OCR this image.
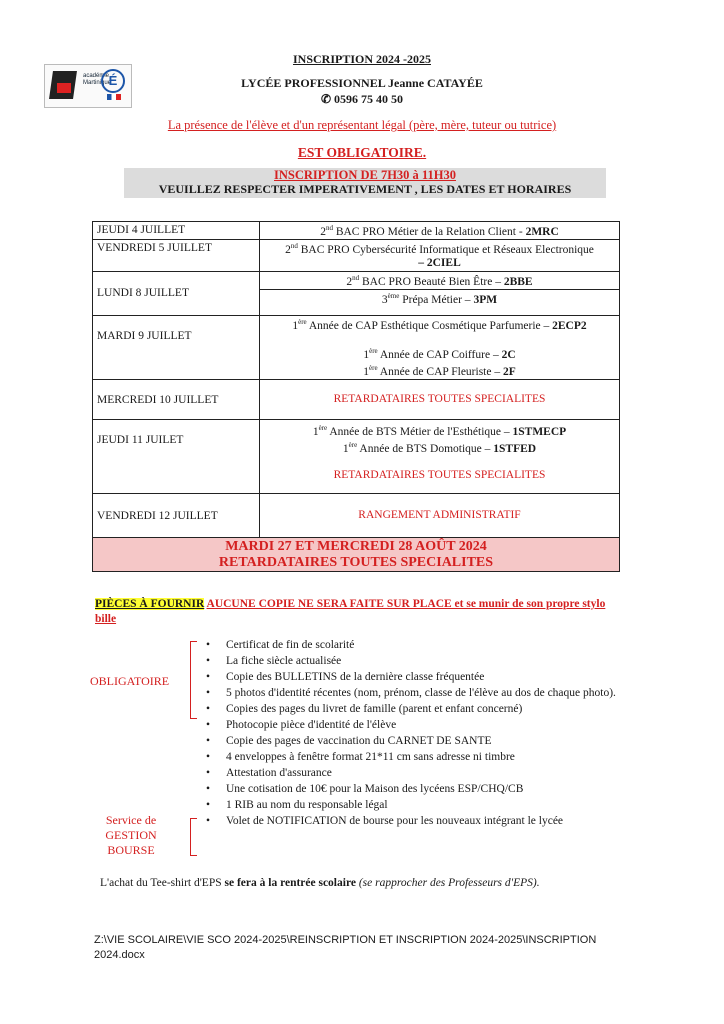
académie Martinique
É
INSCRIPTION 2024 -2025
LYCÉE PROFESSIONNEL Jeanne CATAYÉE
✆ 0596 75 40 50
La présence de l'élève et d'un représentant légal (père, mère, tuteur ou tutrice)
EST OBLIGATOIRE.
INSCRIPTION DE 7H30 à 11H30
VEUILLEZ RESPECTER IMPERATIVEMENT , LES DATES ET HORAIRES
JEUDI 4 JUILLET	2nd BAC PRO Métier de la Relation Client - 2MRC
VENDREDI 5 JUILLET	2nd BAC PRO Cybersécurité Informatique et Réseaux Electronique
– 2CIEL
LUNDI 8 JUILLET	2nd BAC PRO Beauté Bien Être – 2BBE
	3ème Prépa Métier – 3PM
MARDI 9 JUILLET	1ère Année de CAP Esthétique Cosmétique Parfumerie – 2ECP2

1ère Année de CAP Coiffure – 2C
1ère Année de CAP Fleuriste – 2F
MERCREDI 10 JUILLET	RETARDATAIRES TOUTES SPECIALITES
JEUDI 11 JUILET	1ère Année de BTS Métier de l'Esthétique – 1STMECP
1ère Année de BTS Domotique – 1STFED

RETARDATAIRES TOUTES SPECIALITES
VENDREDI 12 JUILLET	RANGEMENT ADMINISTRATIF
MARDI 27 ET MERCREDI 28 AOÛT 2024
RETARDATAIRES TOUTES SPECIALITES	
PIÈCES À FOURNIR AUCUNE COPIE NE SERA FAITE SUR PLACE et se munir de son propre stylo bille
OBLIGATOIRE
Service de GESTION BOURSE
• Certificat de fin de scolarité
• La fiche siècle actualisée
• Copie des BULLETINS de la dernière classe fréquentée
• 5 photos d'identité récentes (nom, prénom, classe de l'élève au dos de chaque photo).
• Copies des pages du livret de famille (parent et enfant concerné)
• Photocopie pièce d'identité de l'élève
• Copie des pages de vaccination du CARNET DE SANTE
• 4 enveloppes à fenêtre format 21*11 cm sans adresse ni timbre
• Attestation d'assurance
• Une cotisation de 10€ pour la Maison des lycéens ESP/CHQ/CB
• 1 RIB au nom du responsable légal
• Volet de NOTIFICATION de bourse pour les nouveaux intégrant le lycée
L'achat du Tee-shirt d'EPS se fera à la rentrée scolaire (se rapprocher des Professeurs d'EPS).
Z:\VIE SCOLAIRE\VIE SCO 2024-2025\REINSCRIPTION ET INSCRIPTION 2024-2025\INSCRIPTION 2024.docx
